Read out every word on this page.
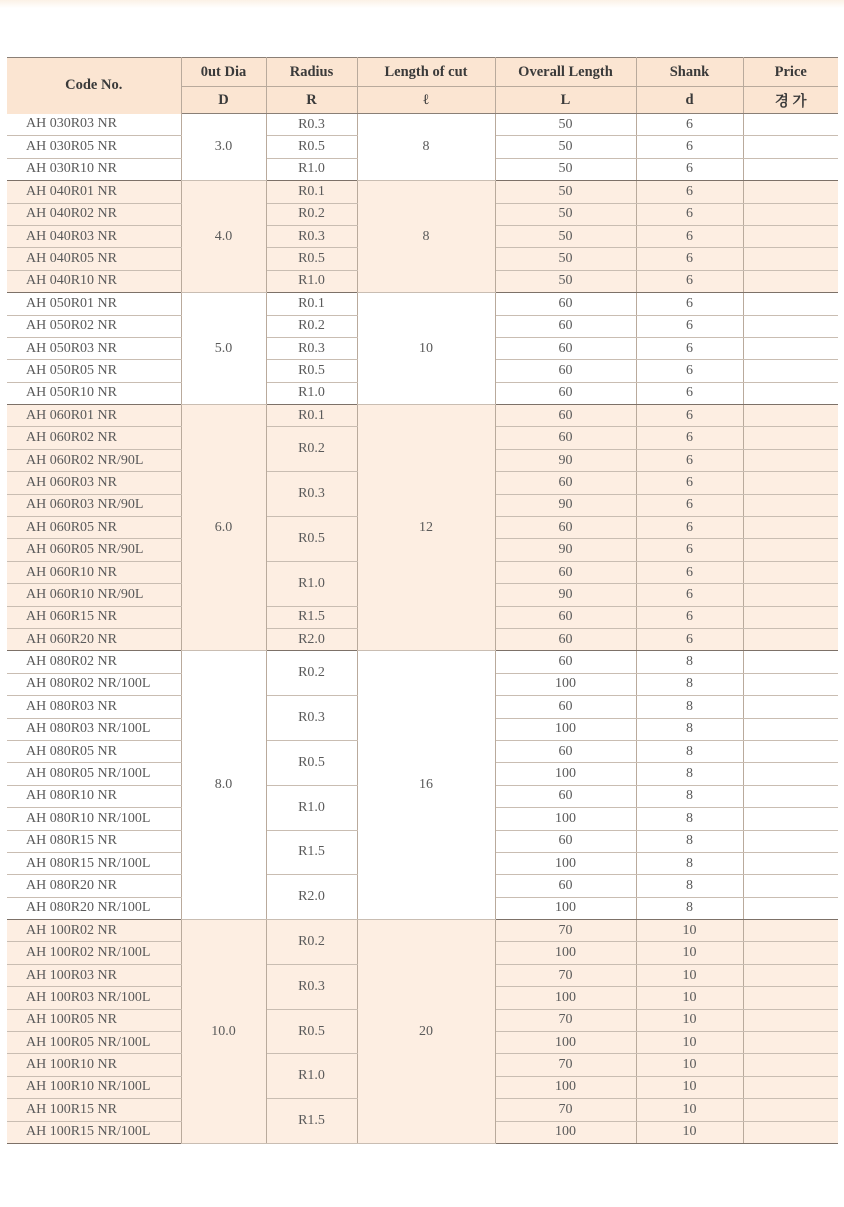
Code No.	0ut Dia	Radius	Length of cut	Overall Length	Shank	Price
	D	R	ℓ	L	d	경 가
AH 030R03 NR	3.0	R0.3	8	50	6	
AH 030R05 NR		R0.5		50	6	
AH 030R10 NR		R1.0		50	6	
AH 040R01 NR	4.0	R0.1	8	50	6	
AH 040R02 NR		R0.2		50	6	
AH 040R03 NR		R0.3		50	6	
AH 040R05 NR		R0.5		50	6	
AH 040R10 NR		R1.0		50	6	
AH 050R01 NR	5.0	R0.1	10	60	6	
AH 050R02 NR		R0.2		60	6	
AH 050R03 NR		R0.3		60	6	
AH 050R05 NR		R0.5		60	6	
AH 050R10 NR		R1.0		60	6	
AH 060R01 NR	6.0	R0.1	12	60	6	
AH 060R02 NR		R0.2		60	6	
AH 060R02 NR/90L				90	6	
AH 060R03 NR		R0.3		60	6	
AH 060R03 NR/90L				90	6	
AH 060R05 NR		R0.5		60	6	
AH 060R05 NR/90L				90	6	
AH 060R10 NR		R1.0		60	6	
AH 060R10 NR/90L				90	6	
AH 060R15 NR		R1.5		60	6	
AH 060R20 NR		R2.0		60	6	
AH 080R02 NR	8.0	R0.2	16	60	8	
AH 080R02 NR/100L				100	8	
AH 080R03 NR		R0.3		60	8	
AH 080R03 NR/100L				100	8	
AH 080R05 NR		R0.5		60	8	
AH 080R05 NR/100L				100	8	
AH 080R10 NR		R1.0		60	8	
AH 080R10 NR/100L				100	8	
AH 080R15 NR		R1.5		60	8	
AH 080R15 NR/100L				100	8	
AH 080R20 NR		R2.0		60	8	
AH 080R20 NR/100L				100	8	
AH 100R02 NR	10.0	R0.2	20	70	10	
AH 100R02 NR/100L				100	10	
AH 100R03 NR		R0.3		70	10	
AH 100R03 NR/100L				100	10	
AH 100R05 NR		R0.5		70	10	
AH 100R05 NR/100L				100	10	
AH 100R10 NR		R1.0		70	10	
AH 100R10 NR/100L				100	10	
AH 100R15 NR		R1.5		70	10	
AH 100R15 NR/100L				100	10	
